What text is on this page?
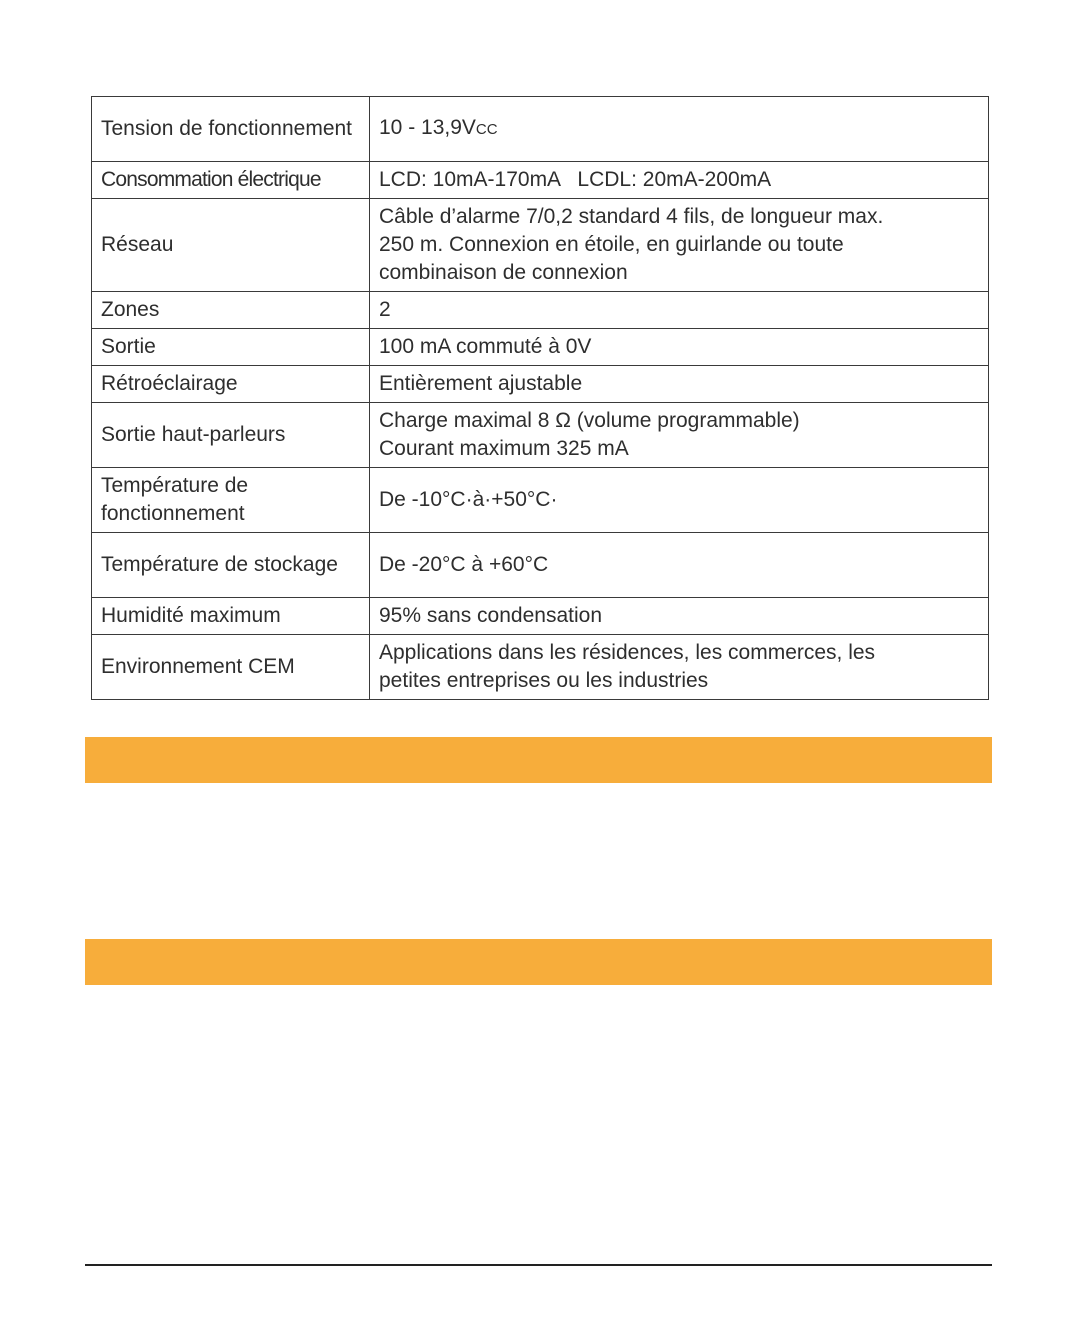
Tension de fonctionnement	10 - 13,9VCC
Consommation électrique	LCD: 10mA-170mA   LCDL: 20mA-200mA
Réseau	Câble d’alarme 7/0,2 standard 4 fils, de longueur max.
250 m. Connexion en étoile, en guirlande ou toute
combinaison de connexion

Zones	2
Sortie	100 mA commuté à 0V
Rétroéclairage	Entièrement ajustable
Sortie haut-parleurs	Charge maximal 8 Ω (volume programmable)
Courant maximum 325 mA

Température de fonctionnement	De -10°C·à·+50°C·
Température de stockage	De -20°C à +60°C
Humidité maximum	95% sans condensation
Environnement CEM	Applications dans les résidences, les commerces, les
petites entreprises ou les industries
